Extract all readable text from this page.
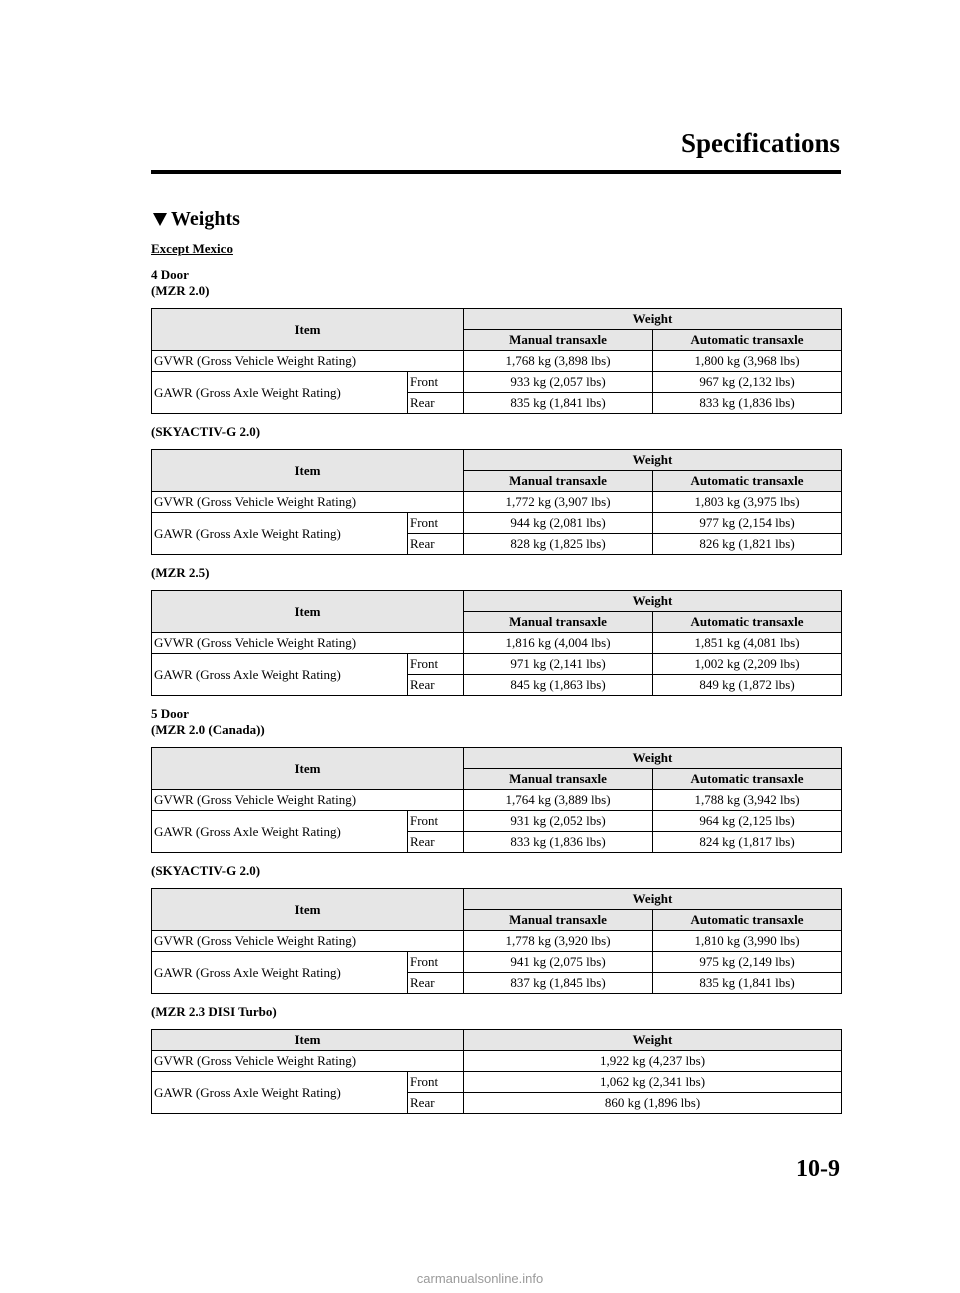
Specifications
Weights

Except Mexico

4 Door

(MZR 2.0)

Item		Weight	
		Manual transaxle	Automatic transaxle
GVWR (Gross Vehicle Weight Rating)		1,768 kg (3,898 lbs)	1,800 kg (3,968 lbs)
GAWR (Gross Axle Weight Rating)	Front	933 kg (2,057 lbs)	967 kg (2,132 lbs)
	Rear	835 kg (1,841 lbs)	833 kg (1,836 lbs)

(SKYACTIV-G 2.0)

Item		Weight	
		Manual transaxle	Automatic transaxle
GVWR (Gross Vehicle Weight Rating)		1,772 kg (3,907 lbs)	1,803 kg (3,975 lbs)
GAWR (Gross Axle Weight Rating)	Front	944 kg (2,081 lbs)	977 kg (2,154 lbs)
	Rear	828 kg (1,825 lbs)	826 kg (1,821 lbs)

(MZR 2.5)

Item		Weight	
		Manual transaxle	Automatic transaxle
GVWR (Gross Vehicle Weight Rating)		1,816 kg (4,004 lbs)	1,851 kg (4,081 lbs)
GAWR (Gross Axle Weight Rating)	Front	971 kg (2,141 lbs)	1,002 kg (2,209 lbs)
	Rear	845 kg (1,863 lbs)	849 kg (1,872 lbs)

5 Door

(MZR 2.0 (Canada))

Item		Weight	
		Manual transaxle	Automatic transaxle
GVWR (Gross Vehicle Weight Rating)		1,764 kg (3,889 lbs)	1,788 kg (3,942 lbs)
GAWR (Gross Axle Weight Rating)	Front	931 kg (2,052 lbs)	964 kg (2,125 lbs)
	Rear	833 kg (1,836 lbs)	824 kg (1,817 lbs)

(SKYACTIV-G 2.0)

Item		Weight	
		Manual transaxle	Automatic transaxle
GVWR (Gross Vehicle Weight Rating)		1,778 kg (3,920 lbs)	1,810 kg (3,990 lbs)
GAWR (Gross Axle Weight Rating)	Front	941 kg (2,075 lbs)	975 kg (2,149 lbs)
	Rear	837 kg (1,845 lbs)	835 kg (1,841 lbs)

(MZR 2.3 DISI Turbo)

Item		Weight
GVWR (Gross Vehicle Weight Rating)		1,922 kg (4,237 lbs)
GAWR (Gross Axle Weight Rating)	Front	1,062 kg (2,341 lbs)
	Rear	860 kg (1,896 lbs)
10-9
carmanualsonline.info
